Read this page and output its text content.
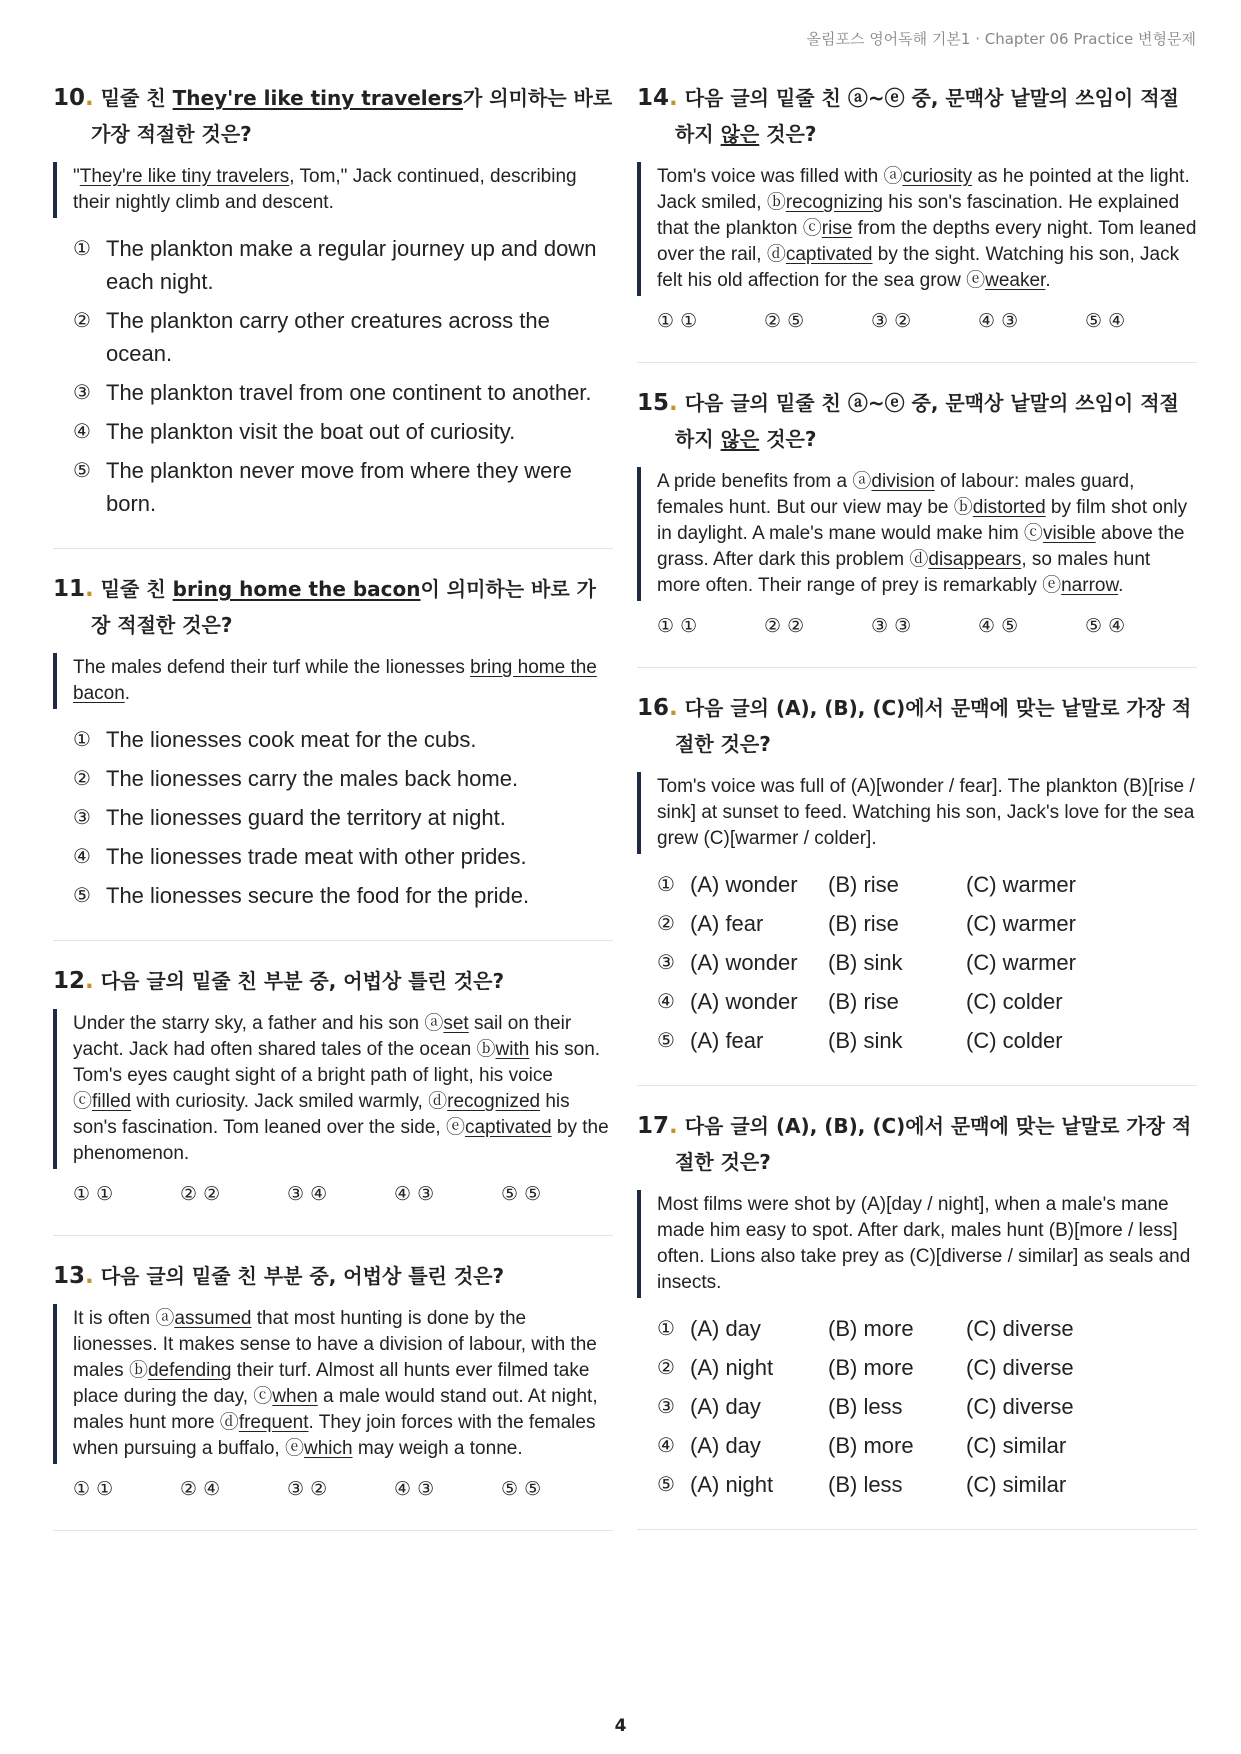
올림포스 영어독해 기본1 · Chapter 06 Practice 변형문제
10. 밑줄 친 They're like tiny travelers가 의미하는 바로 가장 적절한 것은?
"They're like tiny travelers, Tom," Jack continued, describing their nightly climb and descent.
① The plankton make a regular journey up and down each night.
② The plankton carry other creatures across the ocean.
③ The plankton travel from one continent to another.
④ The plankton visit the boat out of curiosity.
⑤ The plankton never move from where they were born.
11. 밑줄 친 bring home the bacon이 의미하는 바로 가장 적절한 것은?
The males defend their turf while the lionesses bring home the bacon.
① The lionesses cook meat for the cubs.
② The lionesses carry the males back home.
③ The lionesses guard the territory at night.
④ The lionesses trade meat with other prides.
⑤ The lionesses secure the food for the pride.
12. 다음 글의 밑줄 친 부분 중, 어법상 틀린 것은?
Under the starry sky, a father and his son ⓐset sail on their yacht. Jack had often shared tales of the ocean ⓑwith his son. Tom's eyes caught sight of a bright path of light, his voice ⓒfilled with curiosity. Jack smiled warmly, ⓓrecognized his son's fascination. Tom leaned over the side, ⓔcaptivated by the phenomenon.
① ①	② ②	③ ④	④ ③	⑤ ⑤
13. 다음 글의 밑줄 친 부분 중, 어법상 틀린 것은?
It is often ⓐassumed that most hunting is done by the lionesses. It makes sense to have a division of labour, with the males ⓑdefending their turf. Almost all hunts ever filmed take place during the day, ⓒwhen a male would stand out. At night, males hunt more ⓓfrequent. They join forces with the females when pursuing a buffalo, ⓔwhich may weigh a tonne.
① ①	② ④	③ ②	④ ③	⑤ ⑤
14. 다음 글의 밑줄 친 ⓐ~ⓔ 중, 문맥상 낱말의 쓰임이 적절하지 않은 것은?
Tom's voice was filled with ⓐcuriosity as he pointed at the light. Jack smiled, ⓑrecognizing his son's fascination. He explained that the plankton ⓒrise from the depths every night. Tom leaned over the rail, ⓓcaptivated by the sight. Watching his son, Jack felt his old affection for the sea grow ⓔweaker.
① ①	② ⑤	③ ②	④ ③	⑤ ④
15. 다음 글의 밑줄 친 ⓐ~ⓔ 중, 문맥상 낱말의 쓰임이 적절하지 않은 것은?
A pride benefits from a ⓐdivision of labour: males guard, females hunt. But our view may be ⓑdistorted by film shot only in daylight. A male's mane would make him ⓒvisible above the grass. After dark this problem ⓓdisappears, so males hunt more often. Their range of prey is remarkably ⓔnarrow.
① ①	② ②	③ ③	④ ⑤	⑤ ④
16. 다음 글의 (A), (B), (C)에서 문맥에 맞는 낱말로 가장 적절한 것은?
Tom's voice was full of (A)[wonder / fear]. The plankton (B)[rise / sink] at sunset to feed. Watching his son, Jack's love for the sea grew (C)[warmer / colder].
① (A) wonder	(B) rise	(C) warmer
② (A) fear	(B) rise	(C) warmer
③ (A) wonder	(B) sink	(C) warmer
④ (A) wonder	(B) rise	(C) colder
⑤ (A) fear	(B) sink	(C) colder
17. 다음 글의 (A), (B), (C)에서 문맥에 맞는 낱말로 가장 적절한 것은?
Most films were shot by (A)[day / night], when a male's mane made him easy to spot. After dark, males hunt (B)[more / less] often. Lions also take prey as (C)[diverse / similar] as seals and insects.
① (A) day	(B) more	(C) diverse
② (A) night	(B) more	(C) diverse
③ (A) day	(B) less	(C) diverse
④ (A) day	(B) more	(C) similar
⑤ (A) night	(B) less	(C) similar
4
